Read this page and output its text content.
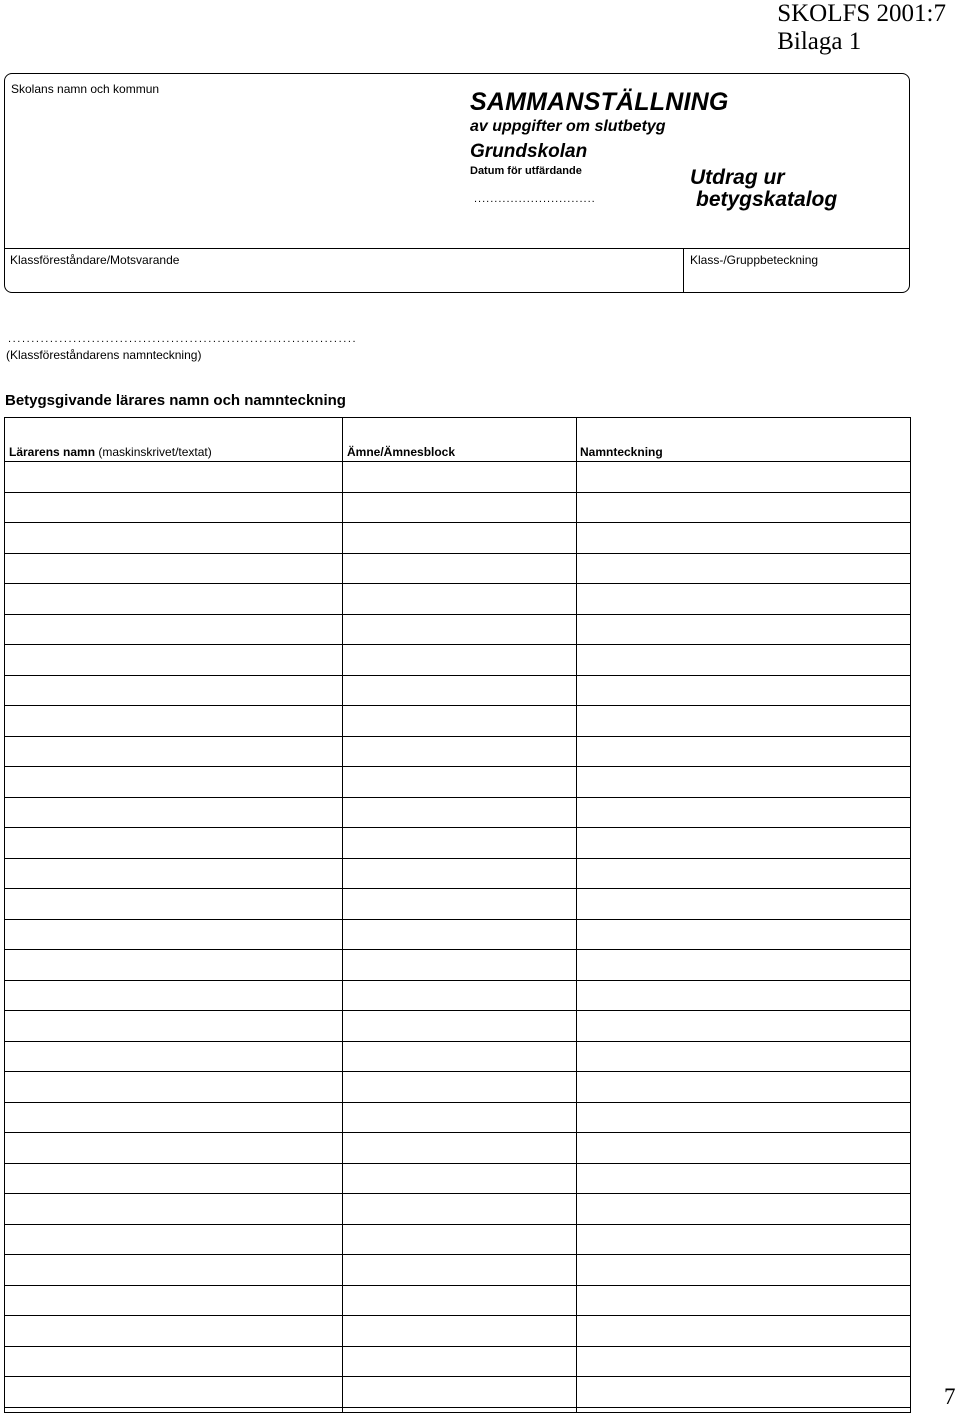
SKOLFS 2001:7
Bilaga 1
Skolans namn och kommun	SAMMANSTÄLLNING
av uppgifter om slutbetyg
Grundskolan
Datum för utfärdande
..............................
Utdrag ur
betygskatalog
Klassföreståndare/Motsvarande	Klass-/Gruppbeteckning
...........................................................................
(Klassföreståndarens namnteckning)
Betygsgivande lärares namn och namnteckning
Lärarens namn (maskinskrivet/textat)	Ämne/Ämnesblock	Namnteckning
7
